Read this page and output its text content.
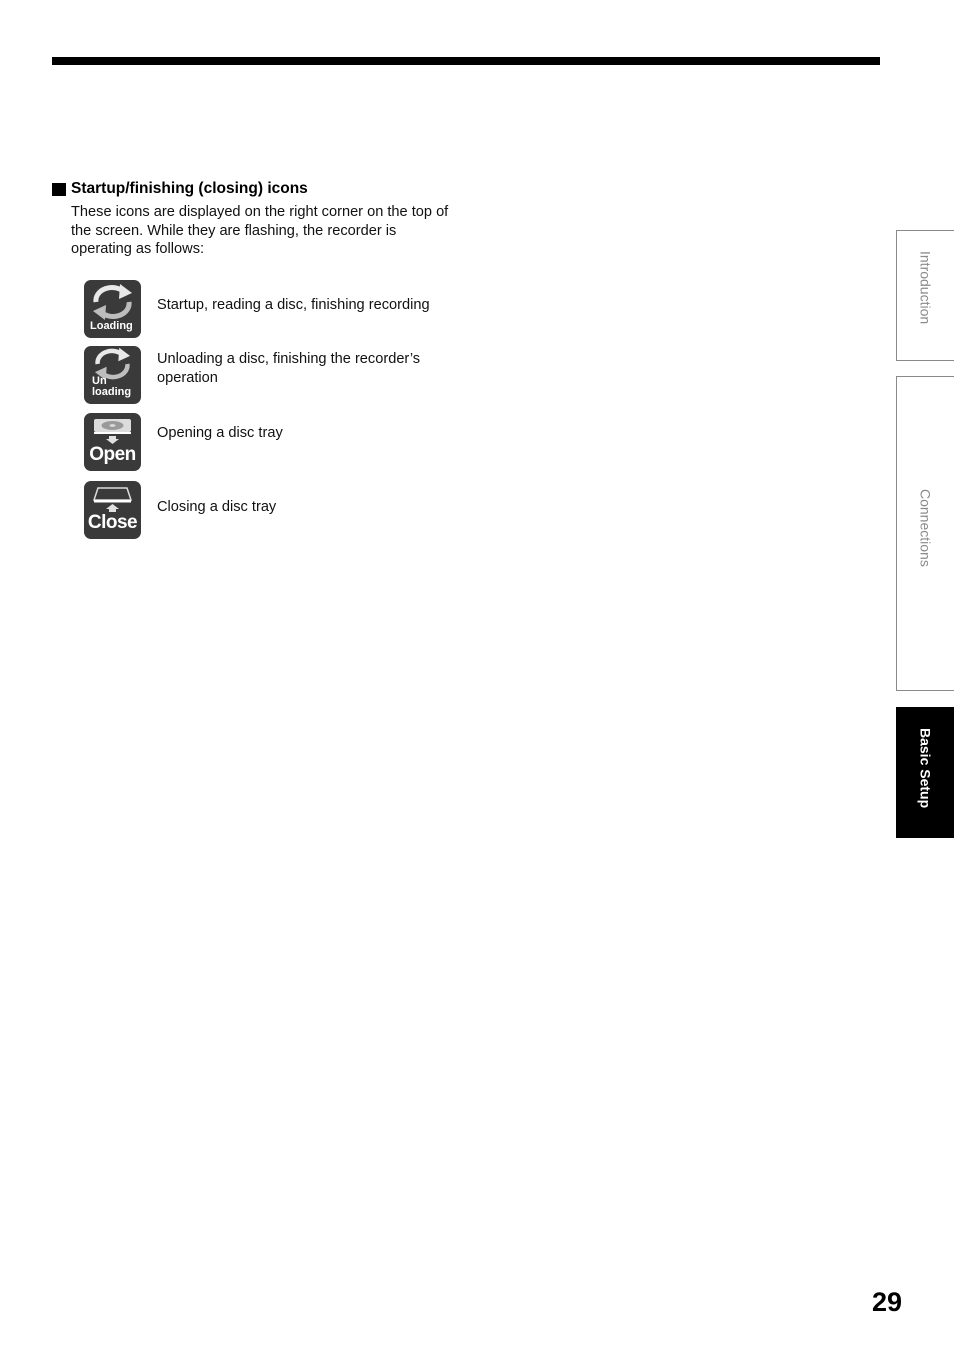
Startup/finishing (closing) icons
These icons are displayed on the right corner on the top of the screen. While they are flashing, the recorder is operating as follows:
Loading
Startup, reading a disc, finishing recording
Un
loading
Unloading a disc, finishing the recorder’s operation
Open
Opening a disc tray
Close
Closing a disc tray
Introduction
Connections
Basic Setup
29
